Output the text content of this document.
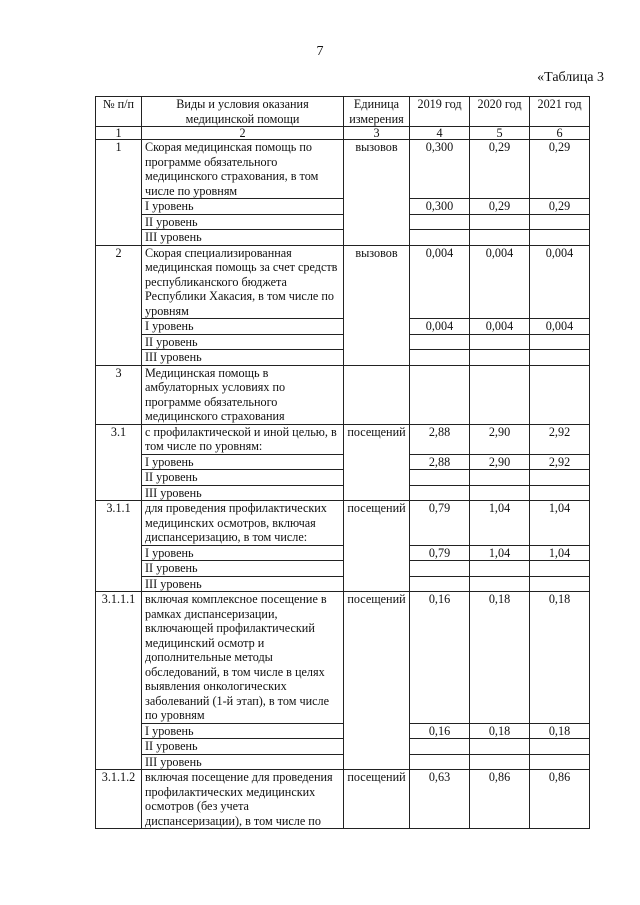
7
«Таблица 3
№ п/п	Виды и условия оказания медицинской помощи	Единица измерения	2019 год	2020 год	2021 год
1	2	3	4	5	6
1	Скорая медицинская помощь по программе обязательного медицинского страхования, в том числе по уровням	вызовов	0,300	0,29	0,29
	I уровень		0,300	0,29	0,29
	II уровень				
	III уровень				
2	Скорая специализированная медицинская помощь за счет средств республиканского бюджета Республики Хакасия, в том числе по уровням	вызовов	0,004	0,004	0,004
	I уровень		0,004	0,004	0,004
	II уровень				
	III уровень				
3	Медицинская помощь в амбулаторных условиях по программе обязательного медицинского страхования				
3.1	с профилактической и иной целью, в том числе по уровням:	посещений	2,88	2,90	2,92
	I уровень		2,88	2,90	2,92
	II уровень				
	III уровень				
3.1.1	для проведения профилактических медицинских осмотров, включая диспансеризацию, в том числе:	посещений	0,79	1,04	1,04
	I уровень		0,79	1,04	1,04
	II уровень				
	III уровень				
3.1.1.1	включая комплексное посещение в рамках диспансеризации, включающей профилактический медицинский осмотр и дополнительные методы обследований, в том числе в целях выявления онкологических заболеваний (1-й этап), в том числе по уровням	посещений	0,16	0,18	0,18
	I уровень		0,16	0,18	0,18
	II уровень				
	III уровень				
3.1.1.2	включая посещение для проведения профилактических медицинских осмотров (без учета диспансеризации), в том числе по	посещений	0,63	0,86	0,86
